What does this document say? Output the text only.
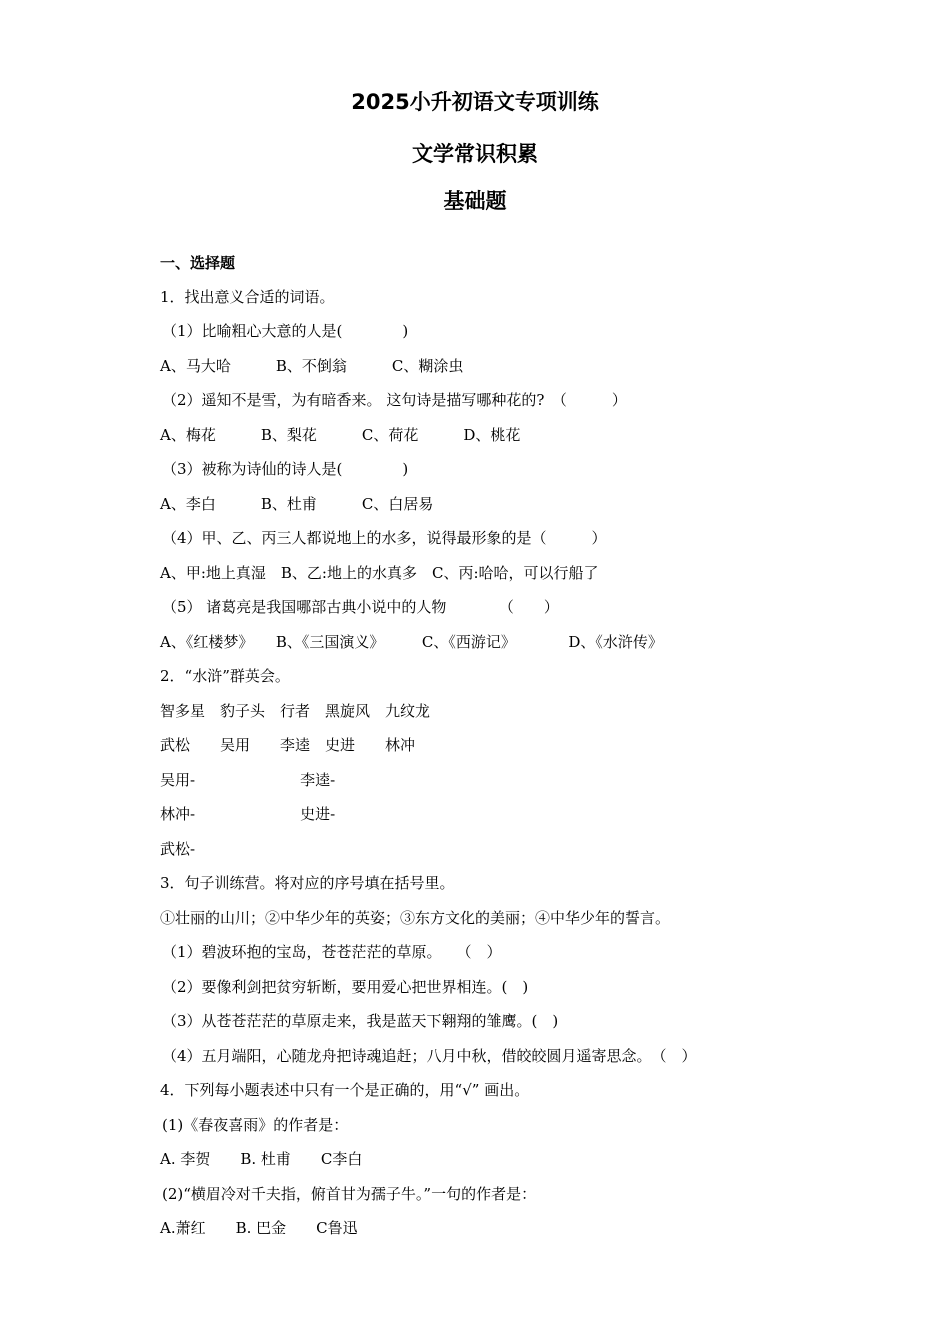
2025小升初语文专项训练
文学常识积累
基础题
一、选择题
1．找出意义合适的词语。
（1）比喻粗心大意的人是(　　　　)
A、马大哈　　　B、不倒翁　　　C、糊涂虫
（2）遥知不是雪，为有暗香来。 这句诗是描写哪种花的?　（　　　）
A、梅花　　　B、梨花　　　C、荷花　　　D、桃花
（3）被称为诗仙的诗人是(　　　　)
A、李白　　　B、杜甫　　　C、白居易
（4）甲、乙、丙三人都说地上的水多，说得最形象的是（　　　）
A、甲:地上真湿　B、乙:地上的水真多　C、丙:哈哈，可以行船了
（5） 诸葛亮是我国哪部古典小说中的人物　　　　（　　）
A、《红楼梦》　　B、《三国演义》　　　C、《西游记》　　　　D、《水浒传》
2．“水浒”群英会。
智多星　豹子头　行者　黑旋风　九纹龙
武松　　吴用　　李逵　史进　　林冲
吴用-　　　　　　　李逵-
林冲-　　　　　　　史进-
武松-
3．句子训练营。将对应的序号填在括号里。
①壮丽的山川；②中华少年的英姿；③东方文化的美丽；④中华少年的誓言。
（1）碧波环抱的宝岛，苍苍茫茫的草原。　　（　）
（2）要像利剑把贫穷斩断，要用爱心把世界相连。(　)
（3）从苍苍茫茫的草原走来，我是蓝天下翱翔的雏鹰。(　)
（4）五月端阳，心随龙舟把诗魂追赶；八月中秋，借皎皎圆月遥寄思念。　（　）
4．下列每小题表述中只有一个是正确的，用“√” 画出。
(1)《春夜喜雨》的作者是：
A. 李贺　　B. 杜甫　　C李白
(2)“横眉冷对千夫指，俯首甘为孺子牛。”一句的作者是：
A.萧红　　B. 巴金　　C鲁迅
